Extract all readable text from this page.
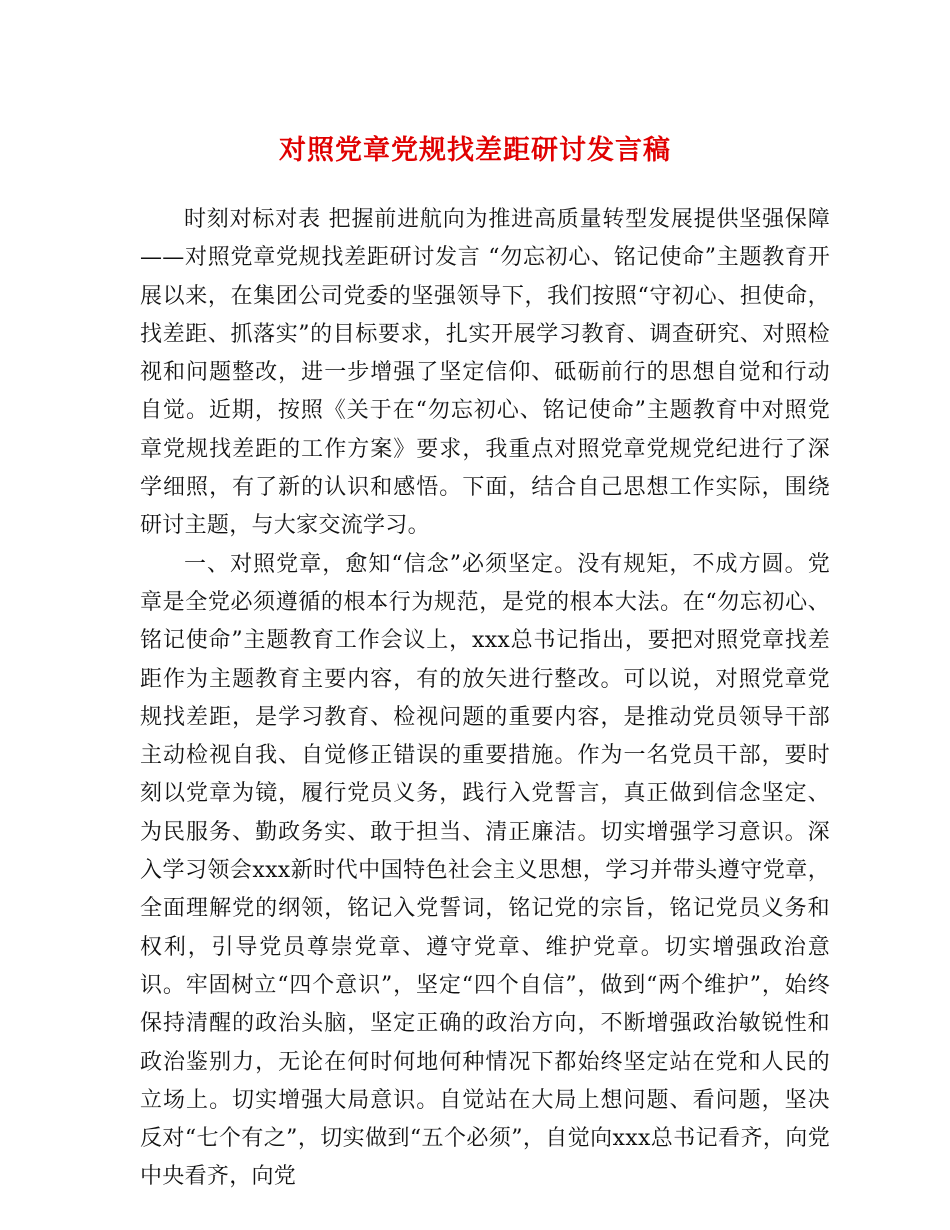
对照党章党规找差距研讨发言稿

时刻对标对表 把握前进航向为推进高质量转型发展提供坚强保障——对照党章党规找差距研讨发言 “勿忘初心、铭记使命”主题教育开展以来，在集团公司党委的坚强领导下，我们按照“守初心、担使命，找差距、抓落实”的目标要求，扎实开展学习教育、调查研究、对照检视和问题整改，进一步增强了坚定信仰、砥砺前行的思想自觉和行动自觉。近期，按照《关于在“勿忘初心、铭记使命”主题教育中对照党章党规找差距的工作方案》要求，我重点对照党章党规党纪进行了深学细照，有了新的认识和感悟。下面，结合自己思想工作实际，围绕研讨主题，与大家交流学习。

一、对照党章，愈知“信念”必须坚定。没有规矩，不成方圆。党章是全党必须遵循的根本行为规范，是党的根本大法。在“勿忘初心、铭记使命”主题教育工作会议上，xxx总书记指出，要把对照党章找差距作为主题教育主要内容，有的放矢进行整改。可以说，对照党章党规找差距，是学习教育、检视问题的重要内容，是推动党员领导干部主动检视自我、自觉修正错误的重要措施。作为一名党员干部，要时刻以党章为镜，履行党员义务，践行入党誓言，真正做到信念坚定、为民服务、勤政务实、敢于担当、清正廉洁。切实增强学习意识。深入学习领会xxx新时代中国特色社会主义思想，学习并带头遵守党章，全面理解党的纲领，铭记入党誓词，铭记党的宗旨，铭记党员义务和权利，引导党员尊崇党章、遵守党章、维护党章。切实增强政治意识。牢固树立“四个意识”，坚定“四个自信”，做到“两个维护”，始终保持清醒的政治头脑，坚定正确的政治方向，不断增强政治敏锐性和政治鉴别力，无论在何时何地何种情况下都始终坚定站在党和人民的立场上。切实增强大局意识。自觉站在大局上想问题、看问题，坚决反对“七个有之”，切实做到“五个必须”，自觉向xxx总书记看齐，向党中央看齐，向党
